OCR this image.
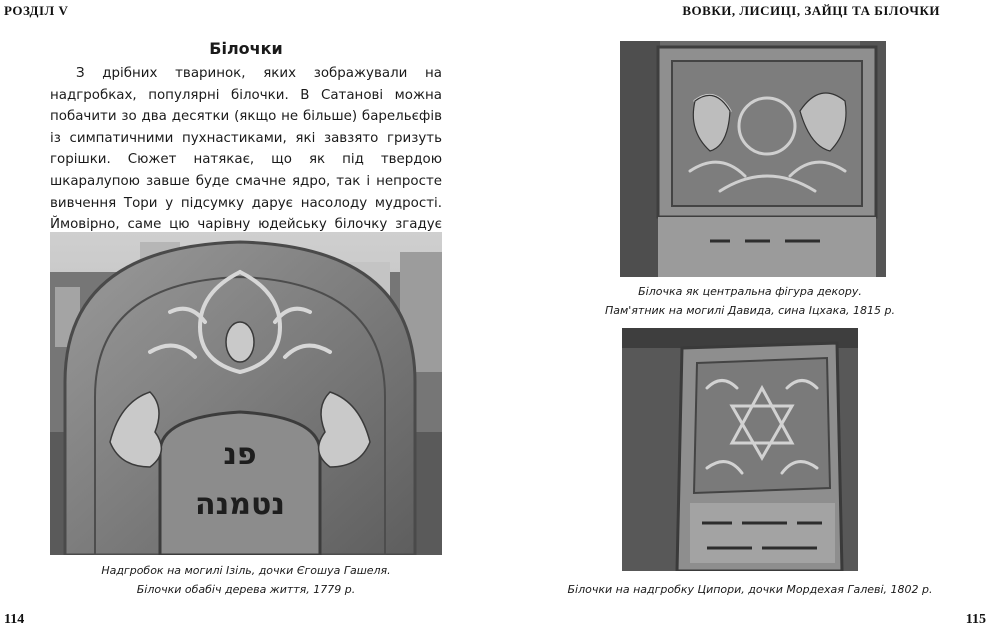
РОЗДІЛ V	ВОВКИ, ЛИСИЦІ, ЗАЙЦІ ТА БІЛОЧКИ
Білочки

З дрібних тваринок, яких зображували на надгробках, популярні білочки. В Сатанові можна побачити зо два десятки (якщо не більше) барельєфів із симпатичними пухнастиками, які завзято гризуть горішки. Сюжет натякає, що як під твердою шкаралупою завше буде смачне ядро, так і непросте вивчення Тори у підсумку дарує насолоду мудрості. Ймовірно, саме цю чарівну юдейську білочку згадує

פנ
נטמנה
Надгробок на могилі Ізіль, дочки Єгошуа Гашеля.
Білочки обабіч дерева життя, 1779 р.
Білочка як центральна фігура декору.
Пам'ятник на могилі Давида, сина Іцхака, 1815 р.
Білочки на надгробку Ципори, дочки Мордехая Галеві, 1802 р.
114	115
